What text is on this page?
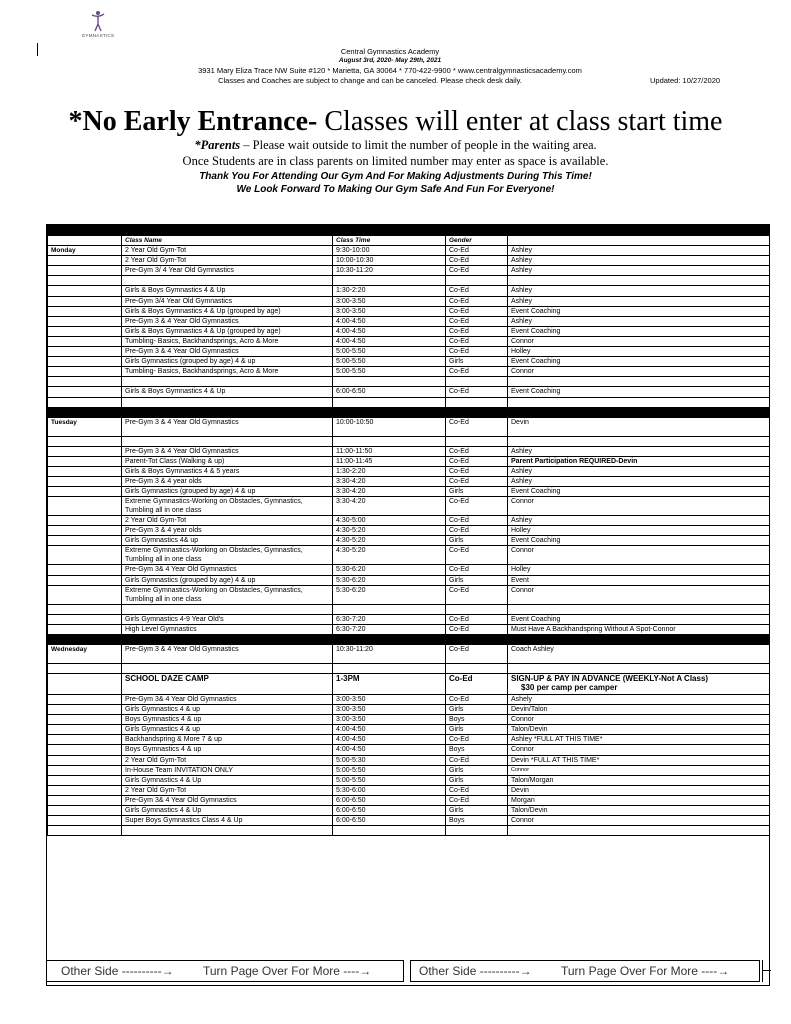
GYMNASTICS
Central Gymnastics Academy
August 3rd, 2020- May 29th, 2021
3931 Mary Eliza Trace NW Suite #120 * Marietta, GA 30064 * 770-422-9900 * www.centralgymnasticsacademy.com
Classes and Coaches are subject to change and can be canceled. Please check desk daily.	Updated: 10/27/2020
*No Early Entrance- Classes will enter at class start time
*Parents – Please wait outside to limit the number of people in the waiting area.
Once Students are in class parents on limited number may enter as space is available.
Thank You For Attending Our Gym And For Making Adjustments During This Time!
We Look Forward To Making Our Gym Safe And Fun For Everyone!

	Class Name	Class Time	Gender	
Monday	2 Year Old Gym-Tot	9:30-10:00	Co-Ed	Ashley
	2 Year Old Gym-Tot	10:00-10:30	Co-Ed	Ashley
	Pre-Gym 3/ 4 Year Old Gymnastics	10:30-11:20	Co-Ed	Ashley

	Girls & Boys Gymnastics 4 & Up	1:30-2:20	Co-Ed	Ashley
	Pre-Gym 3/4 Year Old Gymnastics	3:00-3:50	Co-Ed	Ashley
	Girls & Boys Gymnastics 4 & Up (grouped by age)	3:00-3:50	Co-Ed	Event Coaching
	Pre-Gym 3 & 4 Year Old Gymnastics	4:00-4:50	Co-Ed	Ashley
	Girls & Boys Gymnastics 4 & Up (grouped by age)	4:00-4:50	Co-Ed	Event Coaching
	Tumbling- Basics, Backhandsprings, Acro & More	4:00-4:50	Co-Ed	Connor
	Pre-Gym 3 & 4 Year Old Gymnastics	5:00-5:50	Co-Ed	Holley
	Girls Gymnastics (grouped by age) 4 & up	5:00-5:50	Girls	Event Coaching
	Tumbling- Basics, Backhandsprings, Acro & More	5:00-5:50	Co-Ed	Connor

	Girls & Boys Gymnastics 4 & Up	6:00-6:50	Co-Ed	Event Coaching

Tuesday	Pre-Gym 3 & 4 Year Old Gymnastics	10:00-10:50	Co-Ed	Devin

	Pre-Gym 3 & 4 Year Old Gymnastics	11:00-11:50	Co-Ed	Ashley
	Parent-Tot Class (Walking & up)	11:00-11:45	Co-Ed	Parent Participation REQUIRED-Devin
	Girls & Boys Gymnastics 4 & 5 years	1:30-2:20	Co-Ed	Ashley
	Pre-Gym 3 & 4 year olds	3:30-4:20	Co-Ed	Ashley
	Girls Gymnastics (grouped by age) 4 & up	3:30-4:20	Girls	Event Coaching
	Extreme Gymnastics-Working on Obstacles, Gymnastics, Tumbling all in one class	3:30-4:20	Co-Ed	Connor
	2 Year Old Gym-Tot	4:30-5:00	Co-Ed	Ashley
	Pre-Gym 3 & 4 year olds	4:30-5:20	Co-Ed	Holley
	Girls Gymnastics 4& up	4:30-5:20	Girls	Event Coaching
	Extreme Gymnastics-Working on Obstacles, Gymnastics, Tumbling all in one class	4:30-5:20	Co-Ed	Connor
	Pre-Gym 3& 4 Year Old Gymnastics	5:30-6:20	Co-Ed	Holley
	Girls Gymnastics (grouped by age) 4 & up	5:30-6:20	Girls	Event
	Extreme Gymnastics-Working on Obstacles, Gymnastics, Tumbling all in one class	5:30-6:20	Co-Ed	Connor

	Girls Gymnastics 4-9 Year Old's	6:30-7:20	Co-Ed	Event Coaching
	High Level Gymnastics	6:30-7:20	Co-Ed	Must Have A Backhandspring Without A Spot-Connor

Wednesday	Pre-Gym 3 & 4 Year Old Gymnastics	10:30-11:20	Co-Ed	Coach Ashley

	SCHOOL DAZE CAMP	1-3PM	Co-Ed	SIGN-UP & PAY IN ADVANCE (WEEKLY-Not A Class)
$30 per camp per camper
	Pre-Gym 3& 4 Year Old Gymnastics	3:00-3:50	Co-Ed	Ashely
	Girls Gymnastics 4 & up	3:00-3:50	Girls	Devin/Talon
	Boys Gymnastics 4 & up	3:00-3:50	Boys	Connor
	Girls Gymnastics 4 & up	4:00-4:50	Girls	Talon/Devin
	Backhandspring & More 7 & up	4:00-4:50	Co-Ed	Ashley *FULL AT THIS TIME*
	Boys Gymnastics 4 & up	4:00-4:50	Boys	Connor
	2 Year Old Gym-Tot	5:00-5:30	Co-Ed	Devin *FULL AT THIS TIME*
	In-House Team INVITATION ONLY	5:00-5:50	Girls	Connor
	Girls Gymnastics 4 & Up	5:00-5:50	Girls	Talon/Morgan
	2 Year Old Gym-Tot	5:30-6:00	Co-Ed	Devin
	Pre-Gym 3& 4 Year Old Gymnastics	6:00-6:50	Co-Ed	Morgan
	Girls Gymnastics 4 & Up	6:00-6:50	Girls	Talon/Devin
	Super Boys Gymnastics Class 4 & Up	6:00-6:50	Boys	Connor

Other Side ----------→ Turn Page Over For More ----→	Other Side ----------→ Turn Page Over For More ----→
